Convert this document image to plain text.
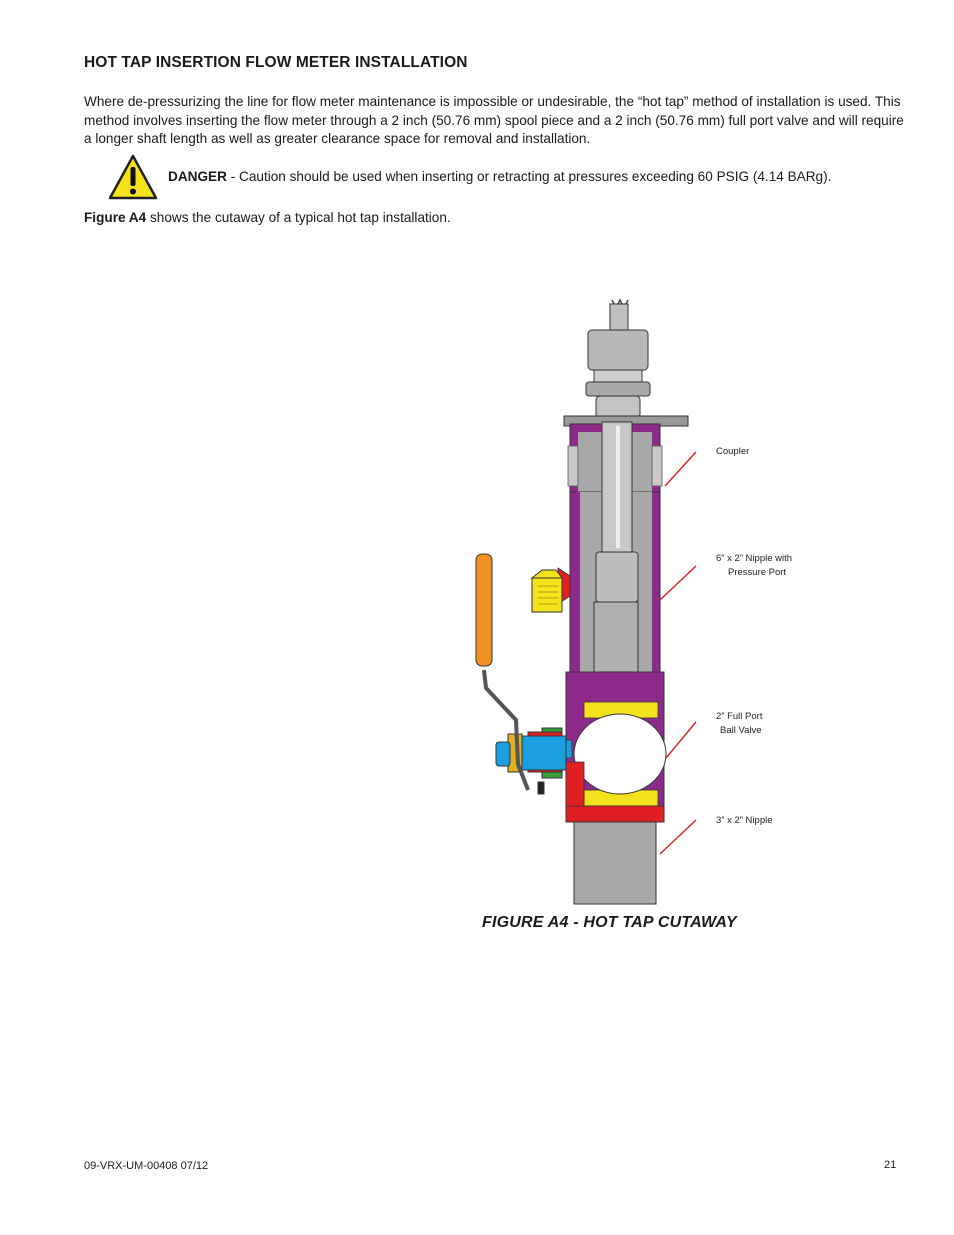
HOT TAP INSERTION FLOW METER INSTALLATION
Where de-pressurizing the line for flow meter maintenance is impossible or undesirable, the “hot tap” method of installation is used. This method involves inserting the flow meter through a 2 inch (50.76 mm) spool piece and a 2 inch (50.76 mm) full port valve and will require a longer shaft length as well as greater clearance space for removal and installation.
DANGER - Caution should be used when inserting or retracting at pressures exceeding 60 PSIG (4.14 BARg).
Figure A4 shows the cutaway of a typical hot tap installation.
Coupler
6” x 2” Nipple with
Pressure Port
2” Full Port
Ball Valve
3” x 2” Nipple
FIGURE A4 - HOT TAP CUTAWAY
09-VRX-UM-00408 07/12	21
